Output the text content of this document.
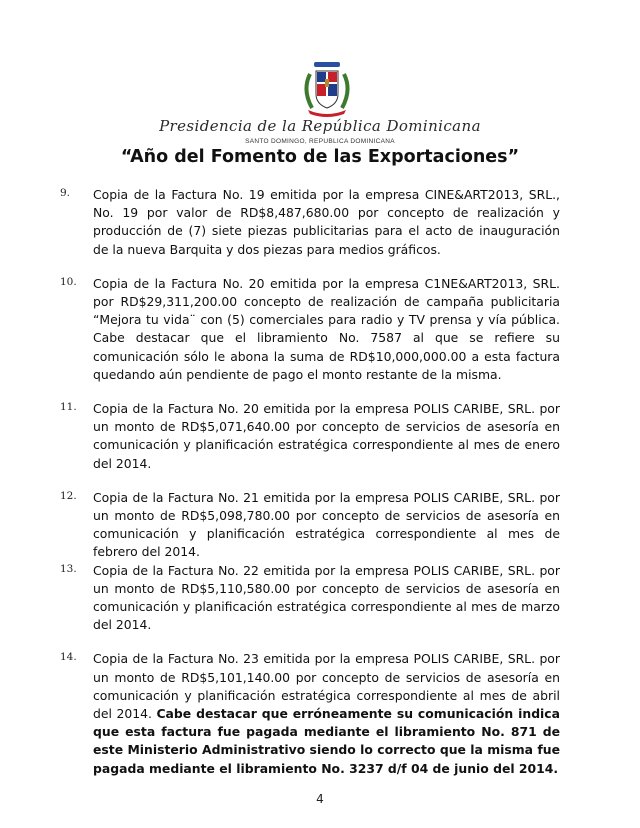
Presidencia de la República Dominicana
SANTO DOMINGO, REPUBLICA DOMINICANA
“Año del Fomento de las Exportaciones”
9.	Copia de la Factura No. 19 emitida por la empresa CINE&ART2013, SRL., No. 19 por valor de RD$8,487,680.00 por concepto de realización y producción de (7) siete piezas publicitarias para el acto de inauguración de la nueva Barquita y dos piezas para medios gráficos.
10.	Copia de la Factura No. 20 emitida por la empresa C1NE&ART2013, SRL. por RD$29,311,200.00 concepto de realización de campaña publicitaria “Mejora tu vida¨ con (5) comerciales para radio y TV prensa y vía pública. Cabe destacar que el libramiento No. 7587 al que se refiere su comunicación sólo le abona la suma de RD$10,000,000.00 a esta factura quedando aún pendiente de pago el monto restante de la misma.
11.	Copia de la Factura No. 20 emitida por la empresa POLIS CARIBE, SRL. por un monto de RD$5,071,640.00 por concepto de servicios de asesoría en comunicación y planificación estratégica correspondiente al mes de enero del 2014.
12.	Copia de la Factura No. 21 emitida por la empresa POLIS CARIBE, SRL. por un monto de RD$5,098,780.00 por concepto de servicios de asesoría en comunicación y planificación estratégica correspondiente al mes de febrero del 2014.
13.	Copia de la Factura No. 22 emitida por la empresa POLIS CARIBE, SRL. por un monto de RD$5,110,580.00 por concepto de servicios de asesoría en comunicación y planificación estratégica correspondiente al mes de marzo del 2014.
14.	Copia de la Factura No. 23 emitida por la empresa POLIS CARIBE, SRL. por un monto de RD$5,101,140.00 por concepto de servicios de asesoría en comunicación y planificación estratégica correspondiente al mes de abril del 2014. Cabe destacar que erróneamente su comunicación indica que esta factura fue pagada mediante el libramiento No. 871 de este Ministerio Administrativo siendo lo correcto que la misma fue pagada mediante el libramiento No. 3237 d/f 04 de junio del 2014.
4
